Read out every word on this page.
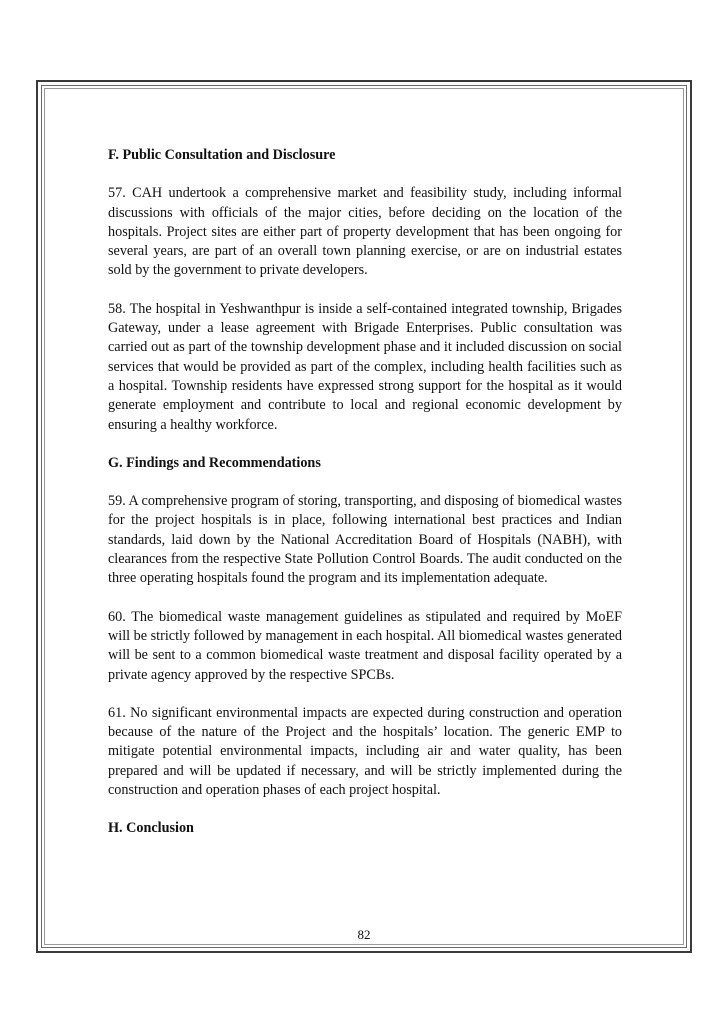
F. Public Consultation and Disclosure

57. CAH undertook a comprehensive market and feasibility study, including informal discussions with officials of the major cities, before deciding on the location of the hospitals. Project sites are either part of property development that has been ongoing for several years, are part of an overall town planning exercise, or are on industrial estates sold by the government to private developers.

58. The hospital in Yeshwanthpur is inside a self-contained integrated township, Brigades Gateway, under a lease agreement with Brigade Enterprises. Public consultation was carried out as part of the township development phase and it included discussion on social services that would be provided as part of the complex, including health facilities such as a hospital. Township residents have expressed strong support for the hospital as it would generate employment and contribute to local and regional economic development by ensuring a healthy workforce.

G. Findings and Recommendations

59. A comprehensive program of storing, transporting, and disposing of biomedical wastes for the project hospitals is in place, following international best practices and Indian standards, laid down by the National Accreditation Board of Hospitals (NABH), with clearances from the respective State Pollution Control Boards. The audit conducted on the three operating hospitals found the program and its implementation adequate.

60. The biomedical waste management guidelines as stipulated and required by MoEF will be strictly followed by management in each hospital. All biomedical wastes generated will be sent to a common biomedical waste treatment and disposal facility operated by a private agency approved by the respective SPCBs.

61. No significant environmental impacts are expected during construction and operation because of the nature of the Project and the hospitals’ location. The generic EMP to mitigate potential environmental impacts, including air and water quality, has been prepared and will be updated if necessary, and will be strictly implemented during the construction and operation phases of each project hospital.

H. Conclusion
82
